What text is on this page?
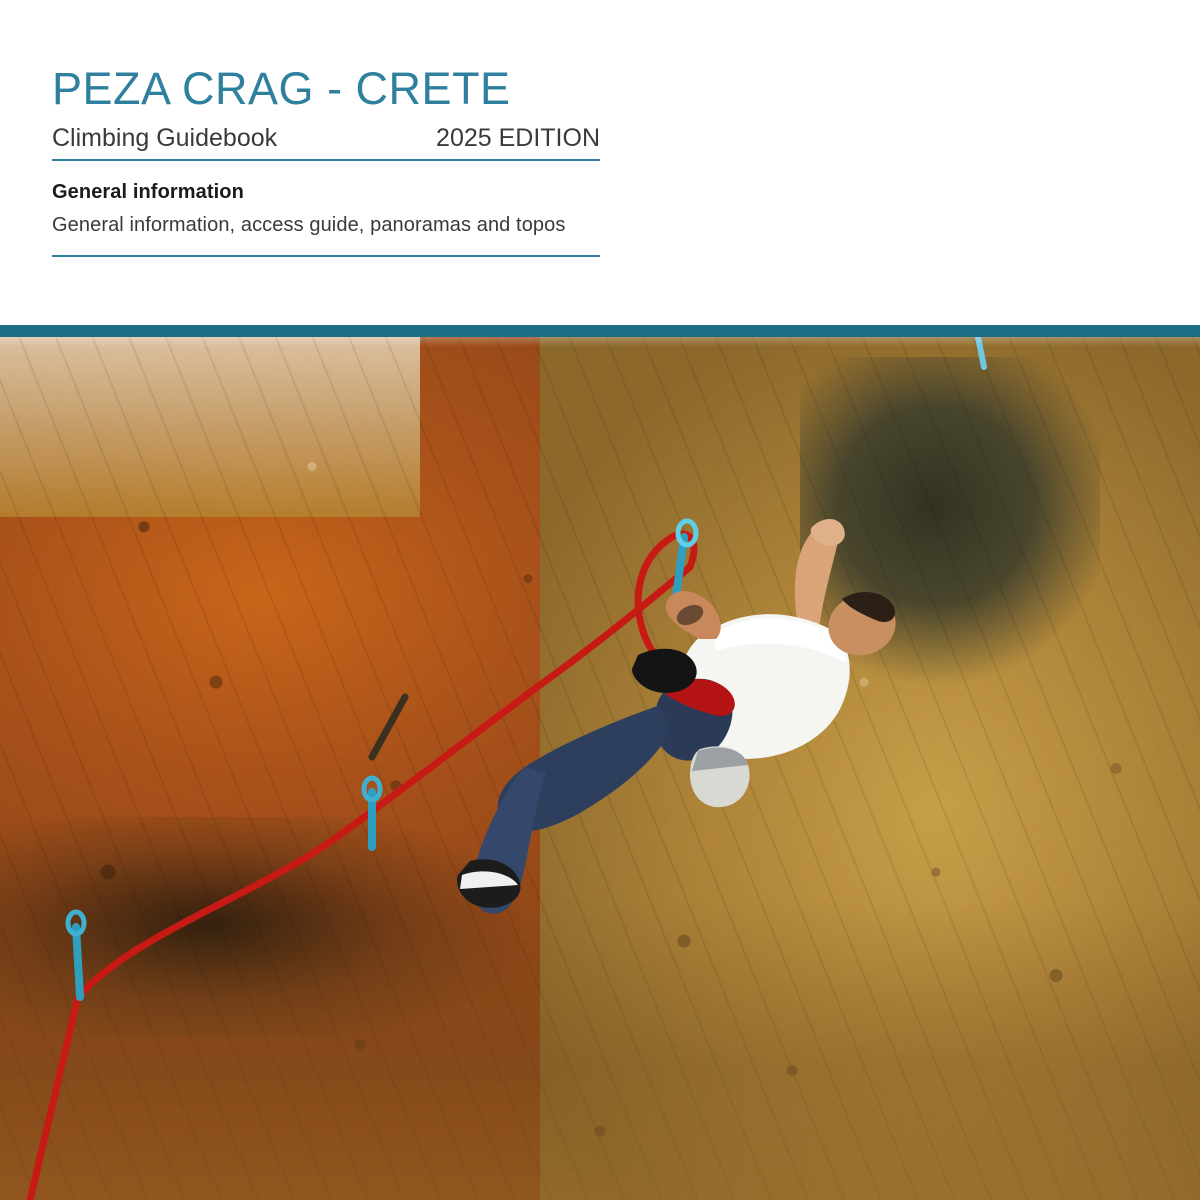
PEZA CRAG - CRETE
Climbing Guidebook	2025 EDITION
General information
General information, access guide, panoramas and topos
